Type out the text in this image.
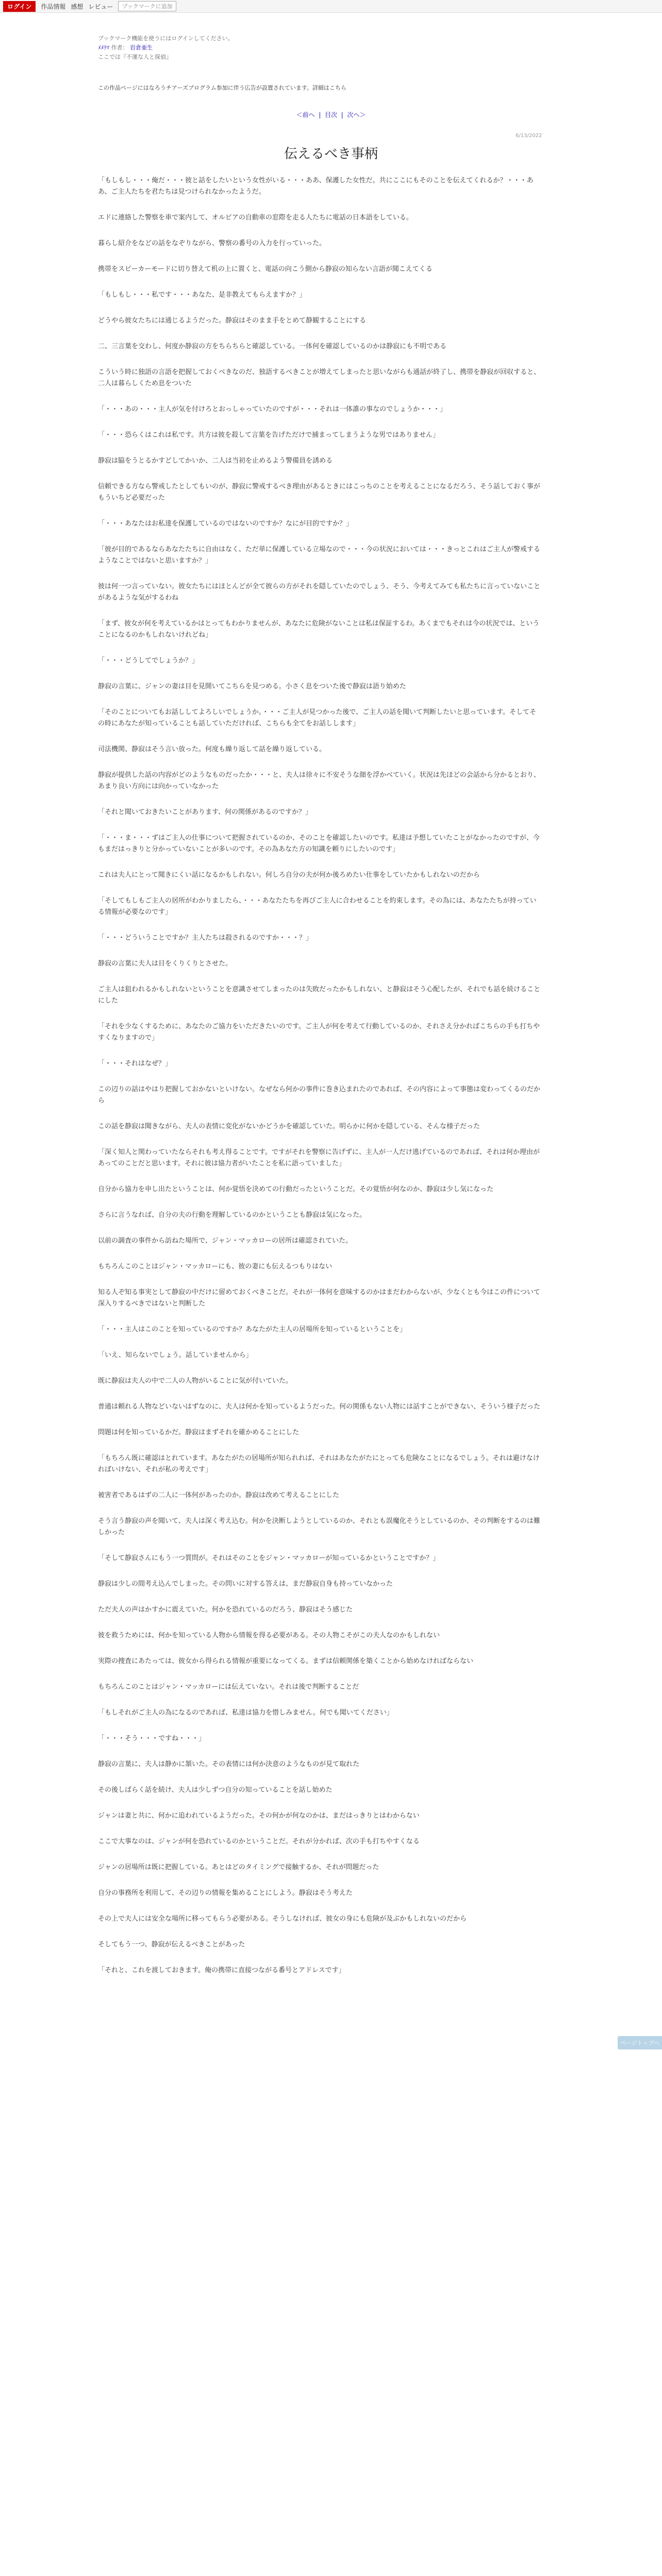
ログイン	作品情報 感想 レビュー	ブックマークに追加
ブックマーク機能を使うにはログインしてください。
ﾒﾒﾗﾏ 作者： 岩倉亜生
ここでは『不運な人と探偵』
この作品ページにはなろうチアーズプログラム参加に伴う広告が設置されています。詳細はこちら
＜前へ  |  目次  |  次へ＞
6/13/2022
伝えるべき事柄

「もしもし・・・俺だ・・・彼と話をしたいという女性がいる・・・ああ、保護した女性だ。共にここにもそのことを伝えてくれるか？・・・ああ、ご主人たちを君たちは見つけられなかったようだ。

エドに連絡した警察を車で案内して、オルビアの自動車の窓際を走る人たちに電話の日本語をしている。

暮らし紹介をなどの話をなぞりながら、警察の番号の入力を行っていった。

携帯をスピーカーモードに切り替えて机の上に置くと、電話の向こう側から静寂の知らない言語が聞こえてくる

「もしもし・・・私です・・・あなた、是非教えてもらえますか？」

どうやら彼女たちには通じるようだった。静寂はそのまま手をとめて静観することにする

二、三言葉を交わし、何度か静寂の方をちらちらと確認している。一体何を確認しているのかは静寂にも不明である

こういう時に独語の言語を把握しておくべきなのだ、独語するべきことが増えてしまったと思いながらも通話が終了し、携帯を静寂が回収すると、二人は暮らしくため息をついた

「・・・あの・・・主人が気を付けろとおっしゃっていたのですが・・・それは一体誰の事なのでしょうか・・・」

「・・・恐らくはこれは私です。共方は彼を殺して言葉を告げただけで捕まってしまうような男ではありません」

静寂は脇をうとるかすどしてかいか、二人は当初を止めるよう警備員を誘める

信頼できる方なら警戒したとしてもいのが、静寂に警戒するべき理由があるときにはこっちのことを考えることになるだろう、そう話しておく事がもういちど必要だった

「・・・あなたはお私達を保護しているのではないのですか？なにが目的ですか？」

「彼が目的であるならあなたたちに自由はなく、ただ単に保護している立場なので・・・今の状況においては・・・きっとこれはご主人が警戒するようなことではないと思いますか？」

彼は何一つ言っていない。彼女たちにはほとんどが全て彼らの方がそれを隠していたのでしょう、そう、今考えてみても私たちに言っていないことがあるような気がするわね

「まず、彼女が何を考えているかはとってもわかりませんが、あなたに危険がないことは私は保証するわ。あくまでもそれは今の状況では、ということになるのかもしれないけれどね」

「・・・どうしてでしょうか？」

静寂の言葉に、ジャンの妻は目を見開いてこちらを見つめる。小さく息をついた後で静寂は語り始めた

「そのことについてもお話ししてよろしいでしょうか。・・・ご主人が見つかった後で、ご主人の話を聞いて判断したいと思っています。そしてその時にあなたが知っていることも話していただければ、こちらも全てをお話しします」

司法機関、静寂はそう言い放った。何度も繰り返して話を繰り返している。

静寂が提供した話の内容がどのようなものだったか・・・と、夫人は徐々に不安そうな顔を浮かべていく。状況は先ほどの会話から分かるとおり、あまり良い方向には向かっていなかった

「それと聞いておきたいことがあります、何の関係があるのですか？」

「・・・ま・・・ずはご主人の仕事について把握されているのか、そのことを確認したいのです。私達は予想していたことがなかったのですが、今もまだはっきりと分かっていないことが多いのです。その為あなた方の知識を頼りにしたいのです」

これは夫人にとって聞きにくい話になるかもしれない。何しろ自分の夫が何か後ろめたい仕事をしていたかもしれないのだから

「そしてもしもご主人の居所がわかりましたら、・・・あなたたちを再びご主人に合わせることを約束します。その為には、あなたたちが持っている情報が必要なのです」

「・・・どういうことですか？主人たちは殺されるのですか・・・？」

静寂の言葉に夫人は目をくりくりとさせた。

ご主人は狙われるかもしれないということを意識させてしまったのは失敗だったかもしれない、と静寂はそう心配したが、それでも話を続けることにした

「それを少なくするために、あなたのご協力をいただきたいのです。ご主人が何を考えて行動しているのか、それさえ分かればこちらの手も打ちやすくなりますので」

「・・・それはなぜ？」

この辺りの話はやはり把握しておかないといけない。なぜなら何かの事件に巻き込まれたのであれば、その内容によって事態は変わってくるのだから

この話を静寂は聞きながら、夫人の表情に変化がないかどうかを確認していた。明らかに何かを隠している、そんな様子だった

「深く知人と関わっていたならそれも考え得ることです。ですがそれを警察に告げずに、主人が一人だけ逃げているのであれば、それは何か理由があってのことだと思います。それに彼は協力者がいたことを私に語っていました」

自分から協力を申し出たということは、何か覚悟を決めての行動だったということだ。その覚悟が何なのか、静寂は少し気になった

さらに言うなれば、自分の夫の行動を理解しているのかということも静寂は気になった。

以前の調査の事件から訪ねた場所で、ジャン・マッカローの居所は確認されていた。

もちろんこのことはジャン・マッカローにも、彼の妻にも伝えるつもりはない

知る人ぞ知る事実として静寂の中だけに留めておくべきことだ。それが一体何を意味するのかはまだわからないが、少なくとも今はこの件について深入りするべきではないと判断した

「・・・主人はこのことを知っているのですか？あなたがた主人の居場所を知っているということを」

「いえ、知らないでしょう。話していませんから」

既に静寂は夫人の中で二人の人物がいることに気が付いていた。

普通は頼れる人物などいないはずなのに、夫人は何かを知っているようだった。何の関係もない人物には話すことができない、そういう様子だった

問題は何を知っているかだ。静寂はまずそれを確かめることにした

「もちろん既に確認はとれています。あなたがたの居場所が知られれば、それはあなたがたにとっても危険なことになるでしょう。それは避けなければいけない、それが私の考えです」

被害者であるはずの二人に一体何があったのか。静寂は改めて考えることにした

そう言う静寂の声を聞いて、夫人は深く考え込む。何かを決断しようとしているのか、それとも誤魔化そうとしているのか、その判断をするのは難しかった

「そして静寂さんにもう一つ質問が。それはそのことをジャン・マッカローが知っているかということですか？」

静寂は少しの間考え込んでしまった。その問いに対する答えは、まだ静寂自身も持っていなかった

ただ夫人の声はかすかに震えていた。何かを恐れているのだろう、静寂はそう感じた

彼を救うためには、何かを知っている人物から情報を得る必要がある。その人物こそがこの夫人なのかもしれない

実際の捜査にあたっては、彼女から得られる情報が重要になってくる。まずは信頼関係を築くことから始めなければならない

もちろんこのことはジャン・マッカローには伝えていない。それは後で判断することだ

「もしそれがご主人の為になるのであれば、私達は協力を惜しみません。何でも聞いてください」

「・・・そう・・・ですね・・・」

静寂の言葉に、夫人は静かに頷いた。その表情には何か決意のようなものが見て取れた

その後しばらく話を続け、夫人は少しずつ自分の知っていることを話し始めた

ジャンは妻と共に、何かに追われているようだった。その何かが何なのかは、まだはっきりとはわからない

ここで大事なのは、ジャンが何を恐れているのかということだ。それが分かれば、次の手も打ちやすくなる

ジャンの居場所は既に把握している。あとはどのタイミングで接触するか、それが問題だった

自分の事務所を利用して、その辺りの情報を集めることにしよう。静寂はそう考えた

その上で夫人には安全な場所に移ってもらう必要がある。そうしなければ、彼女の身にも危険が及ぶかもしれないのだから

そしてもう一つ、静寂が伝えるべきことがあった

「それと、これを渡しておきます。俺の携帯に直接つながる番号とアドレスです」

ページトップへ
